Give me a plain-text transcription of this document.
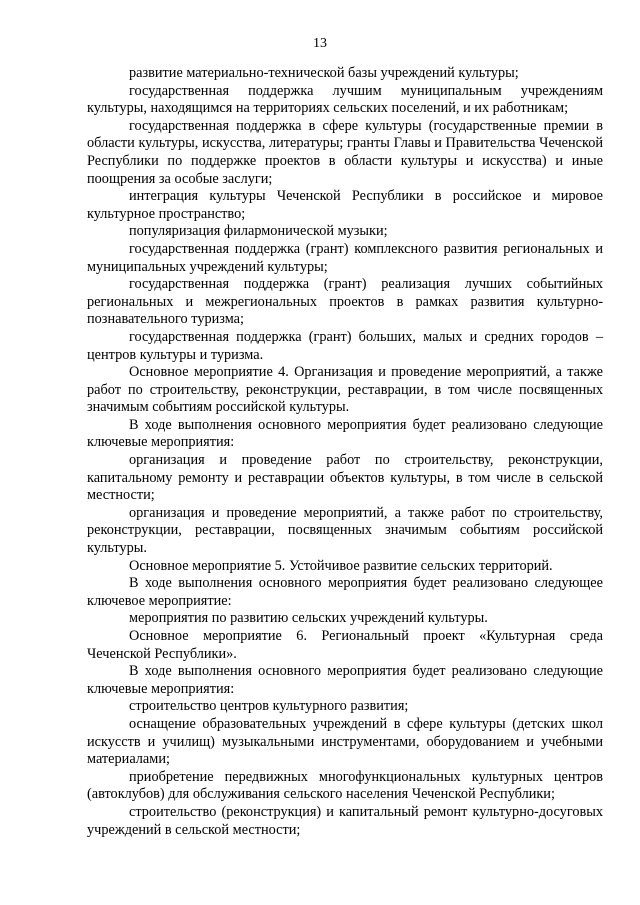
13

развитие материально-технической базы учреждений культуры;

государственная поддержка лучшим муниципальным учреждениям культуры, находящимся на территориях сельских поселений, и их работникам;

государственная поддержка в сфере культуры (государственные премии в области культуры, искусства, литературы; гранты Главы и Правительства Чеченской Республики по поддержке проектов в области культуры и искусства) и иные поощрения за особые заслуги;

интеграция культуры Чеченской Республики в российское и мировое культурное пространство;

популяризация филармонической музыки;

государственная поддержка (грант) комплексного развития региональных и муниципальных учреждений культуры;

государственная поддержка (грант) реализация лучших событийных региональных и межрегиональных проектов в рамках развития культурно-познавательного туризма;

государственная поддержка (грант) больших, малых и средних городов – центров культуры и туризма.

Основное мероприятие 4. Организация и проведение мероприятий, а также работ по строительству, реконструкции, реставрации, в том числе посвященных значимым событиям российской культуры.

В ходе выполнения основного мероприятия будет реализовано следующие ключевые мероприятия:

организация и проведение работ по строительству, реконструкции, капитальному ремонту и реставрации объектов культуры, в том числе в сельской местности;

организация и проведение мероприятий, а также работ по строительству, реконструкции, реставрации, посвященных значимым событиям российской культуры.

Основное мероприятие 5. Устойчивое развитие сельских территорий.

В ходе выполнения основного мероприятия будет реализовано следующее ключевое мероприятие:

мероприятия по развитию сельских учреждений культуры.

Основное мероприятие 6. Региональный проект «Культурная среда Чеченской Республики».

В ходе выполнения основного мероприятия будет реализовано следующие ключевые мероприятия:

строительство центров культурного развития;

оснащение образовательных учреждений в сфере культуры (детских школ искусств и училищ) музыкальными инструментами, оборудованием и учебными материалами;

приобретение передвижных многофункциональных культурных центров (автоклубов) для обслуживания сельского населения Чеченской Республики;

строительство (реконструкция) и капитальный ремонт культурно-досуговых учреждений в сельской местности;
